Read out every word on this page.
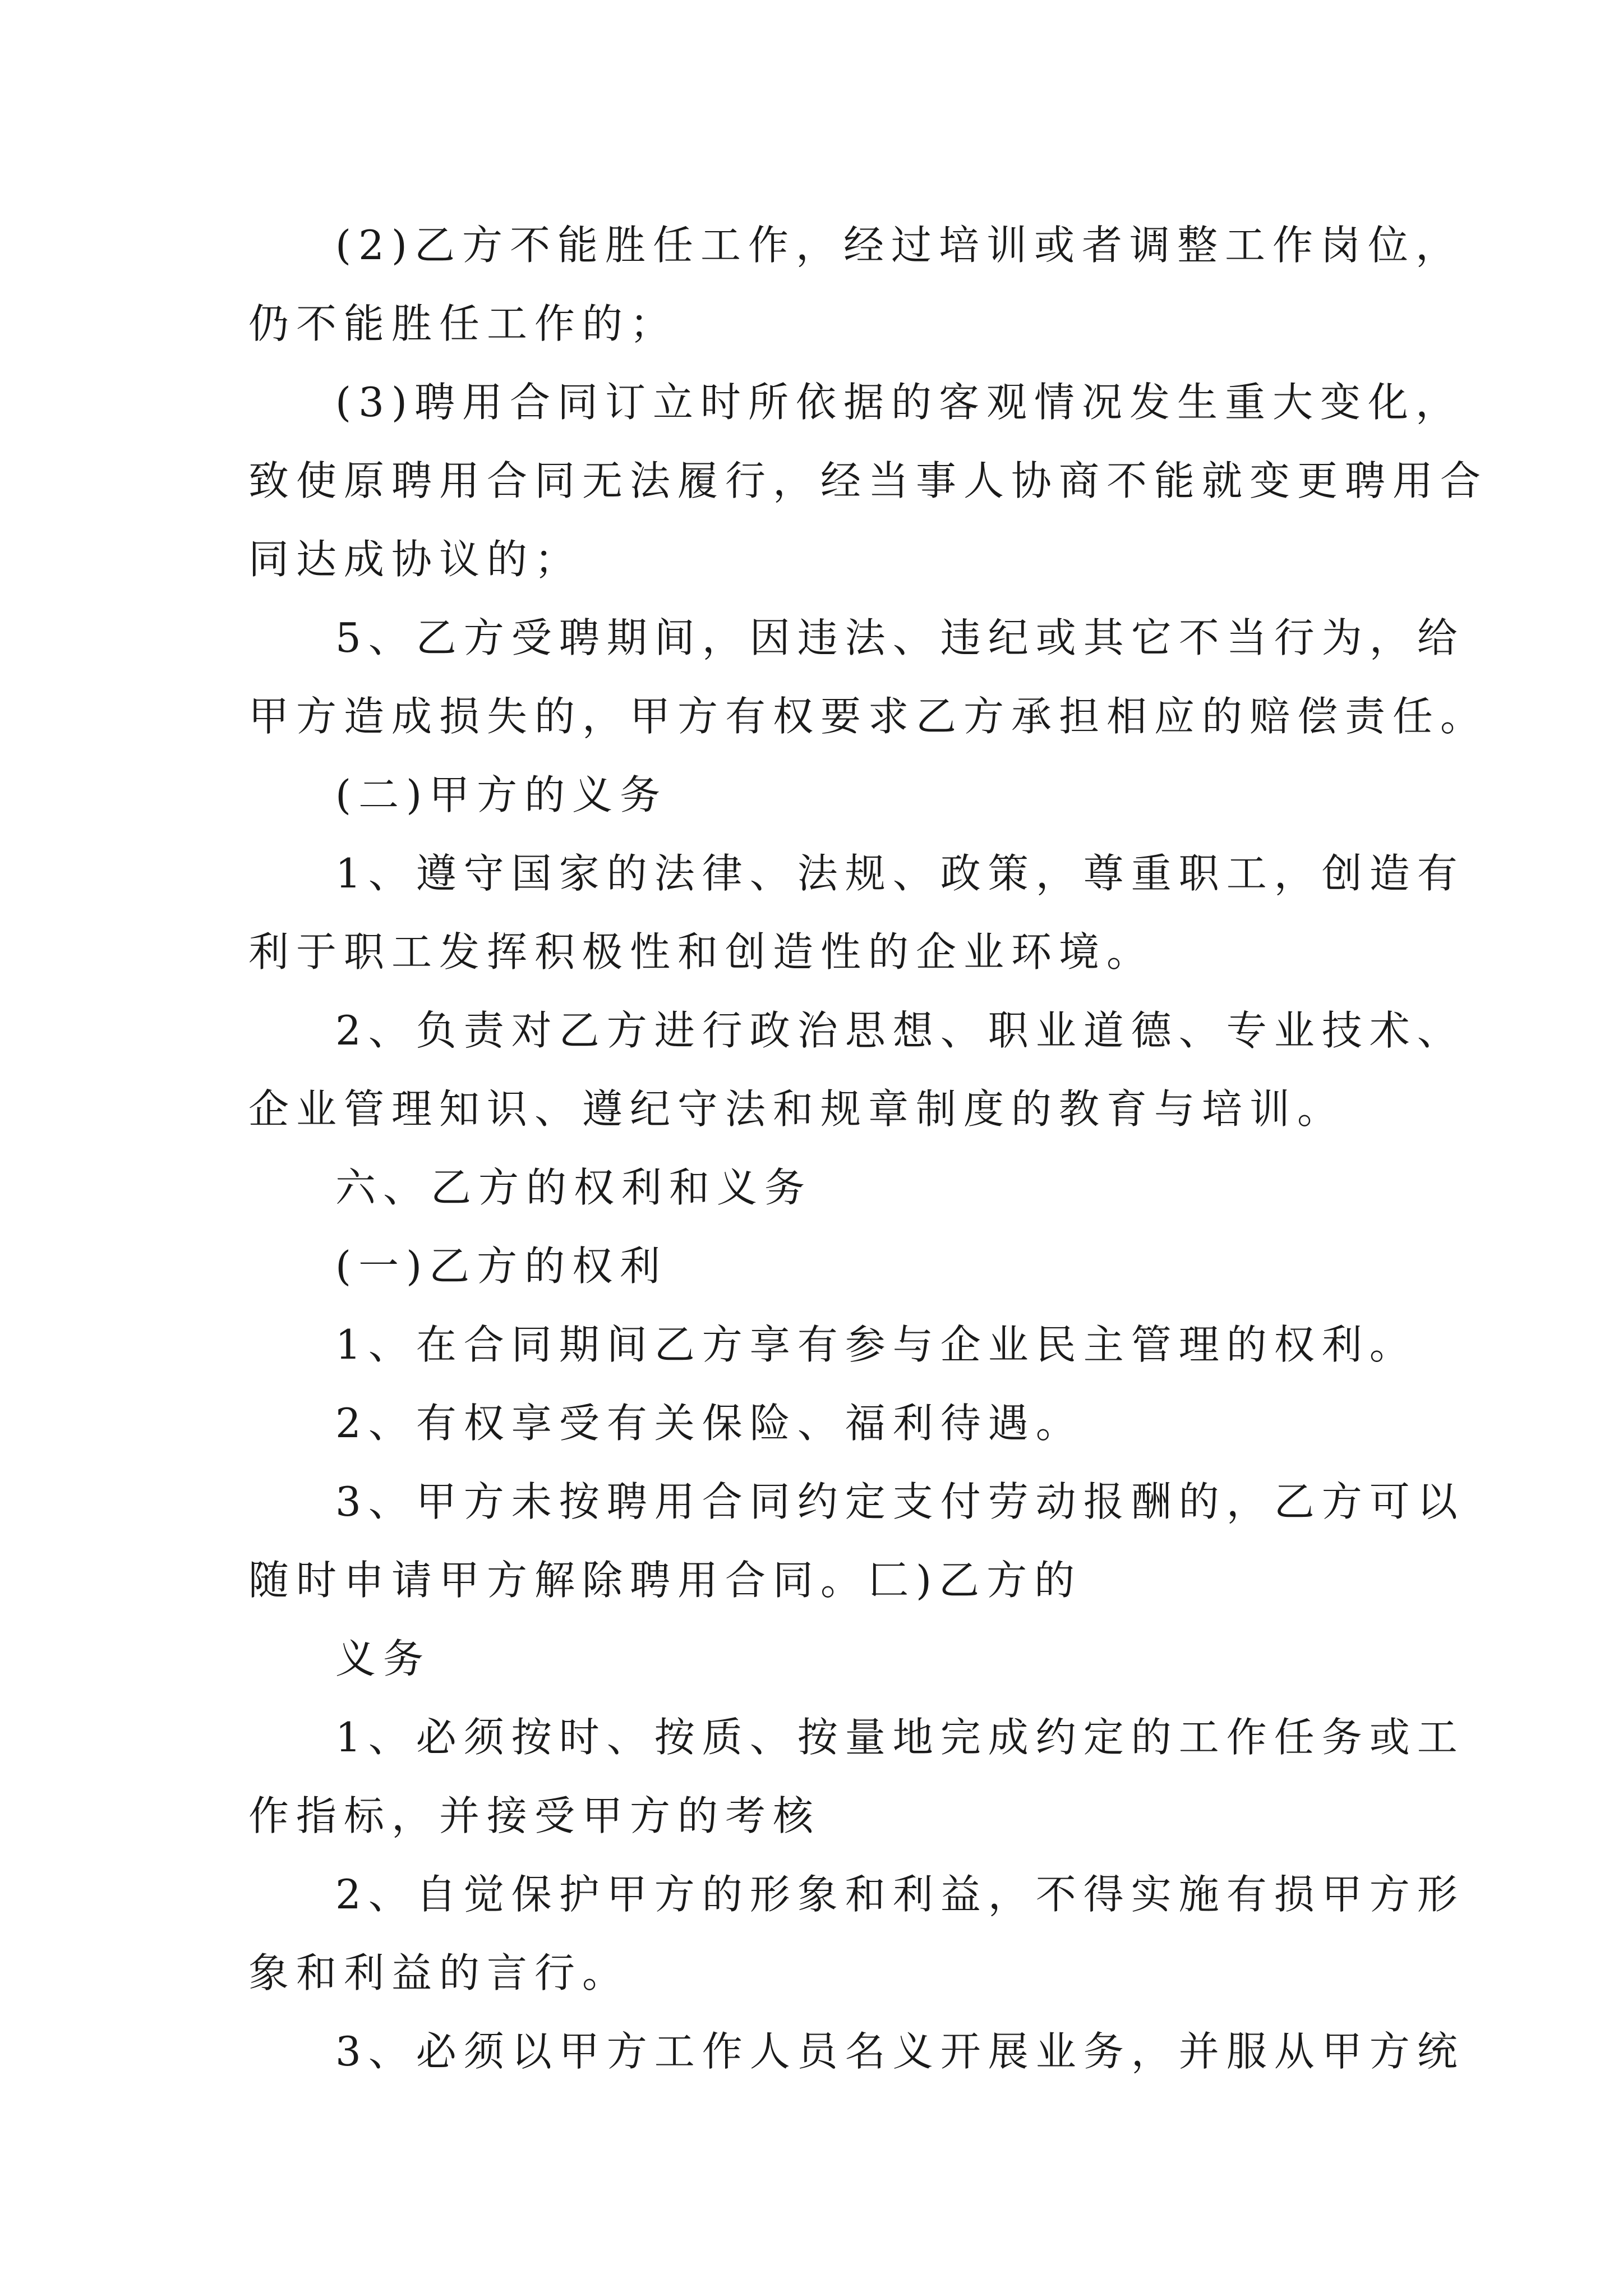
(2)乙方不能胜任工作，经过培训或者调整工作岗位，
仍不能胜任工作的；
(3)聘用合同订立时所依据的客观情况发生重大变化，
致使原聘用合同无法履行，经当事人协商不能就变更聘用合
同达成协议的；
5、乙方受聘期间，因违法、违纪或其它不当行为，给
甲方造成损失的，甲方有权要求乙方承担相应的赔偿责任。
(二)甲方的义务
1、遵守国家的法律、法规、政策，尊重职工，创造有
利于职工发挥积极性和创造性的企业环境。
2、负责对乙方进行政治思想、职业道德、专业技术、
企业管理知识、遵纪守法和规章制度的教育与培训。
六、乙方的权利和义务
(一)乙方的权利
1、在合同期间乙方享有参与企业民主管理的权利。
2、有权享受有关保险、福利待遇。
3、甲方未按聘用合同约定支付劳动报酬的，乙方可以
随时申请甲方解除聘用合同。匚)乙方的
义务
1、必须按时、按质、按量地完成约定的工作任务或工
作指标，并接受甲方的考核
2、自觉保护甲方的形象和利益，不得实施有损甲方形
象和利益的言行。
3、必须以甲方工作人员名义开展业务，并服从甲方统
